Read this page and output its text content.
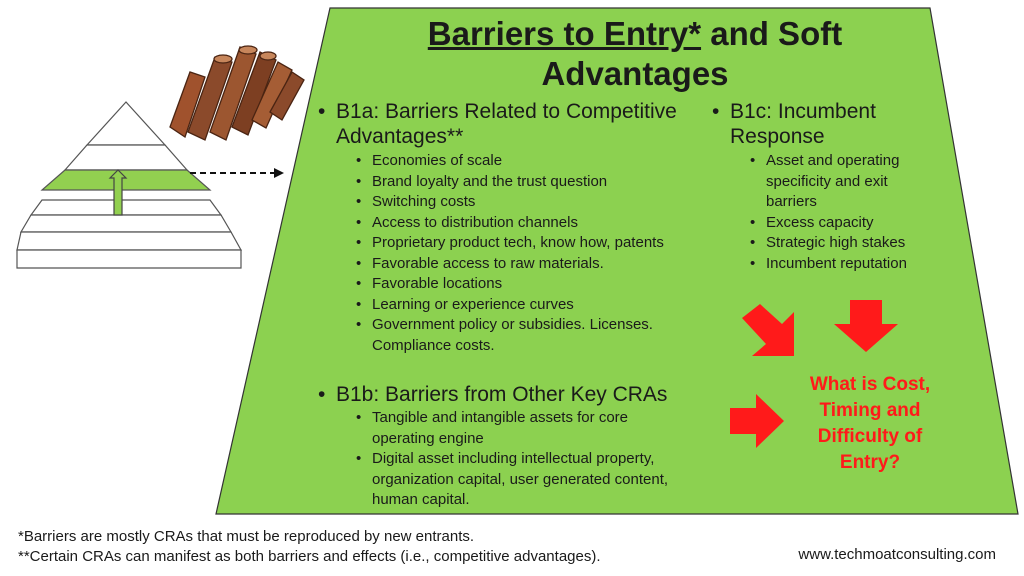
Barriers to Entry* and Soft
Advantages
• B1a: Barriers Related to Competitive
Advantages**
• Economies of scale
• Brand loyalty and the trust question
• Switching costs
• Access to distribution channels
• Proprietary product tech, know how, patents
• Favorable access to raw materials.
• Favorable locations
• Learning or experience curves
• Government policy or subsidies. Licenses. Compliance costs.
• B1b: Barriers from Other Key CRAs
• Tangible and intangible assets for core operating engine
• Digital asset including intellectual property, organization capital, user generated content, human capital.
• B1c: Incumbent
Response
• Asset and operating specificity and exit barriers
• Excess capacity
• Strategic high stakes
• Incumbent reputation
What is Cost, Timing and Difficulty of Entry?
*Barriers are mostly CRAs that must be reproduced by new entrants.
**Certain CRAs can manifest as both barriers and effects (i.e., competitive advantages).	www.techmoatconsulting.com
